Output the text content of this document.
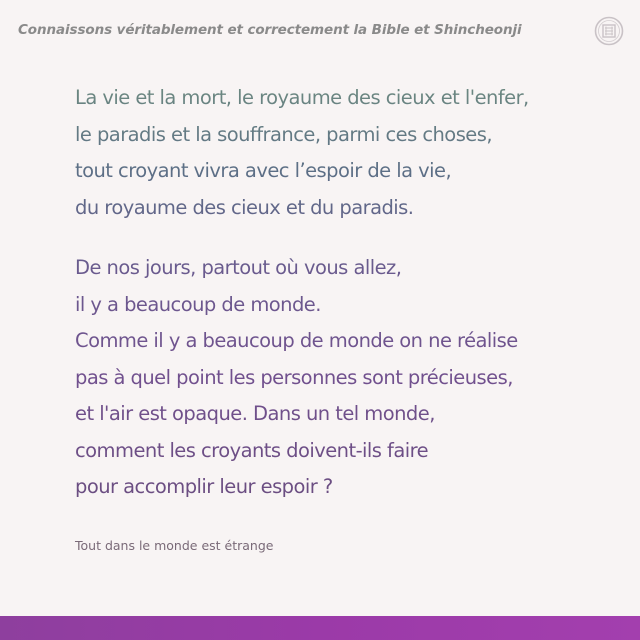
Connaissons véritablement et correctement la Bible et Shincheonji
La vie et la mort, le royaume des cieux et l'enfer,
le paradis et la souffrance, parmi ces choses,
tout croyant vivra avec l’espoir de la vie,
du royaume des cieux et du paradis.
De nos jours, partout où vous allez,
il y a beaucoup de monde.
Comme il y a beaucoup de monde on ne réalise
pas à quel point les personnes sont précieuses,
et l'air est opaque. Dans un tel monde,
comment les croyants doivent-ils faire
pour accomplir leur espoir ?
Tout dans le monde est étrange
